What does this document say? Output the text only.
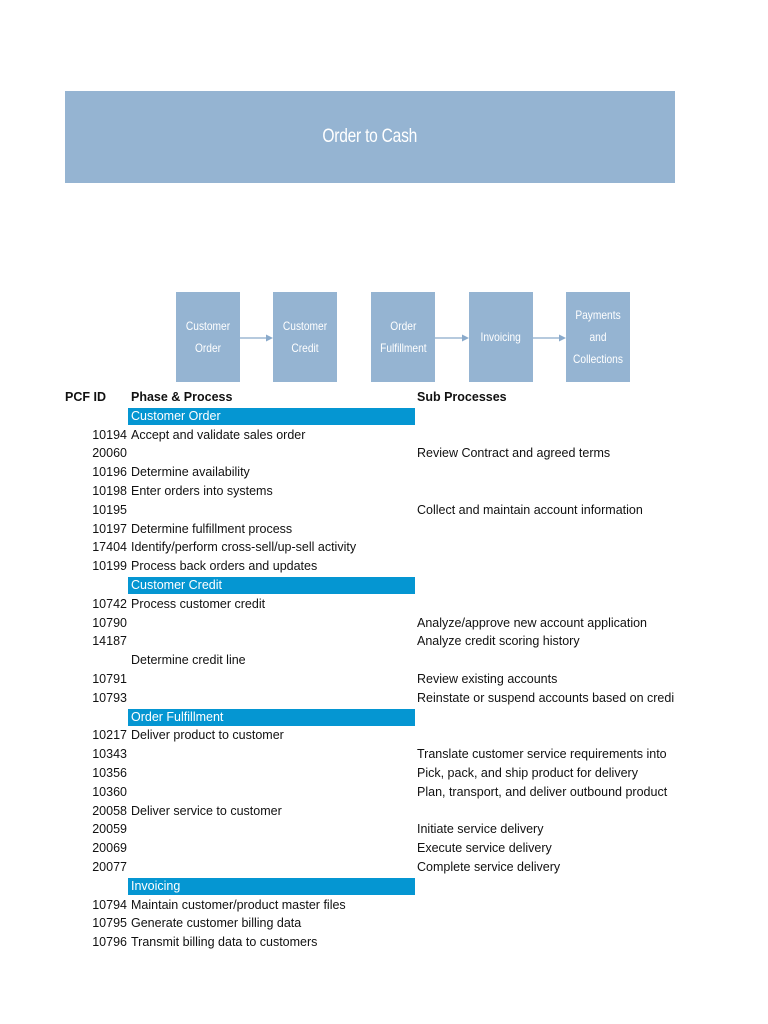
Order to Cash
Customer
Order
Customer
Credit
Order
Fulfillment
Invoicing
Payments and
Collections
PCF ID	Phase & Process	Sub Processes
Customer Order
10194 Accept and validate sales order
20060	Review Contract and agreed terms
10196 Determine availability
10198 Enter orders into systems
10195	Collect and maintain account information
10197 Determine fulfillment process
17404 Identify/perform cross-sell/up-sell activity
10199 Process back orders and updates
Customer Credit
10742 Process customer credit
10790	Analyze/approve new account application
14187	Analyze credit scoring history
Determine credit line
10791	Review existing accounts
10793	Reinstate or suspend accounts based on credi
Order Fulfillment
10217 Deliver product to customer
10343	Translate customer service requirements into
10356	Pick, pack, and ship product for delivery
10360	Plan, transport, and deliver outbound product
20058 Deliver service to customer
20059	Initiate service delivery
20069	Execute service delivery
20077	Complete service delivery
Invoicing
10794 Maintain customer/product master files
10795 Generate customer billing data
10796 Transmit billing data to customers
